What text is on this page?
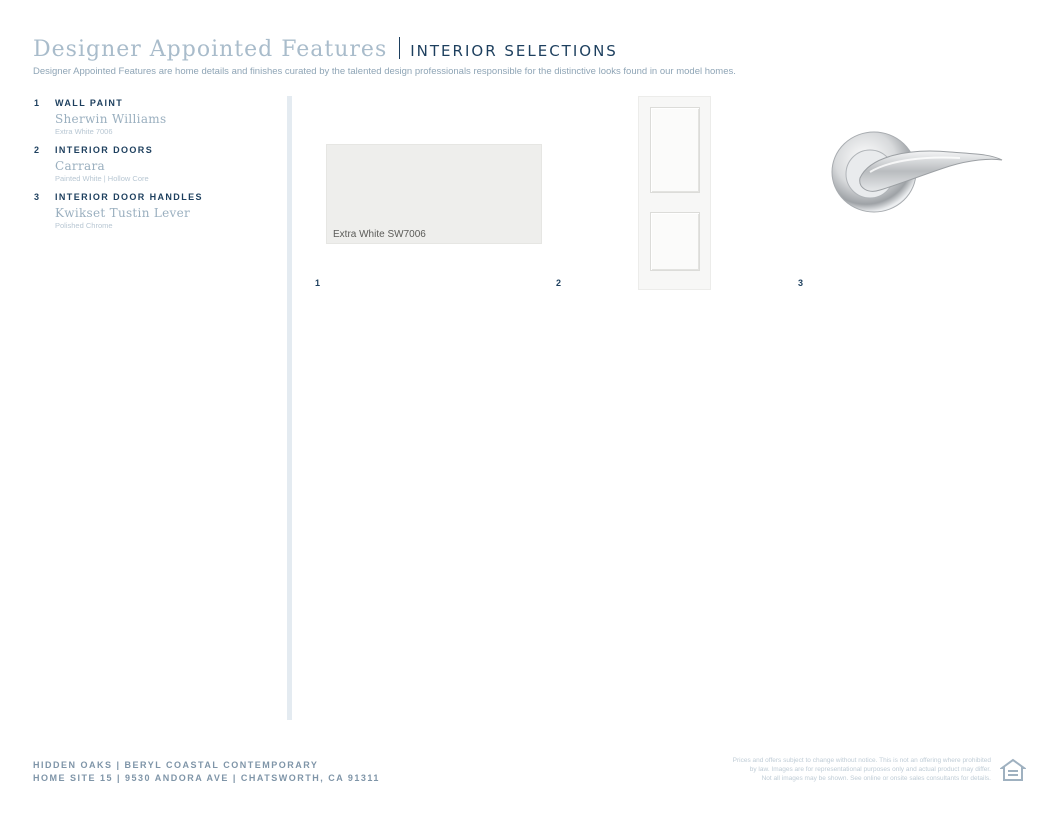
Designer Appointed Features INTERIOR SELECTIONS
Designer Appointed Features are home details and finishes curated by the talented design professionals responsible for the distinctive looks found in our model homes.
1	WALL PAINT
Sherwin Williams
Extra White 7006
2	INTERIOR DOORS
Carrara
Painted White | Hollow Core
3	INTERIOR DOOR HANDLES
Kwikset Tustin Lever
Polished Chrome
Extra White SW7006
1	2	3
HIDDEN OAKS | BERYL COASTAL CONTEMPORARY
HOME SITE 15 | 9530 ANDORA AVE | CHATSWORTH, CA 91311
Prices and offers subject to change without notice. This is not an offering where prohibited
by law. Images are for representational purposes only and actual product may differ.
Not all images may be shown. See online or onsite sales consultants for details.
